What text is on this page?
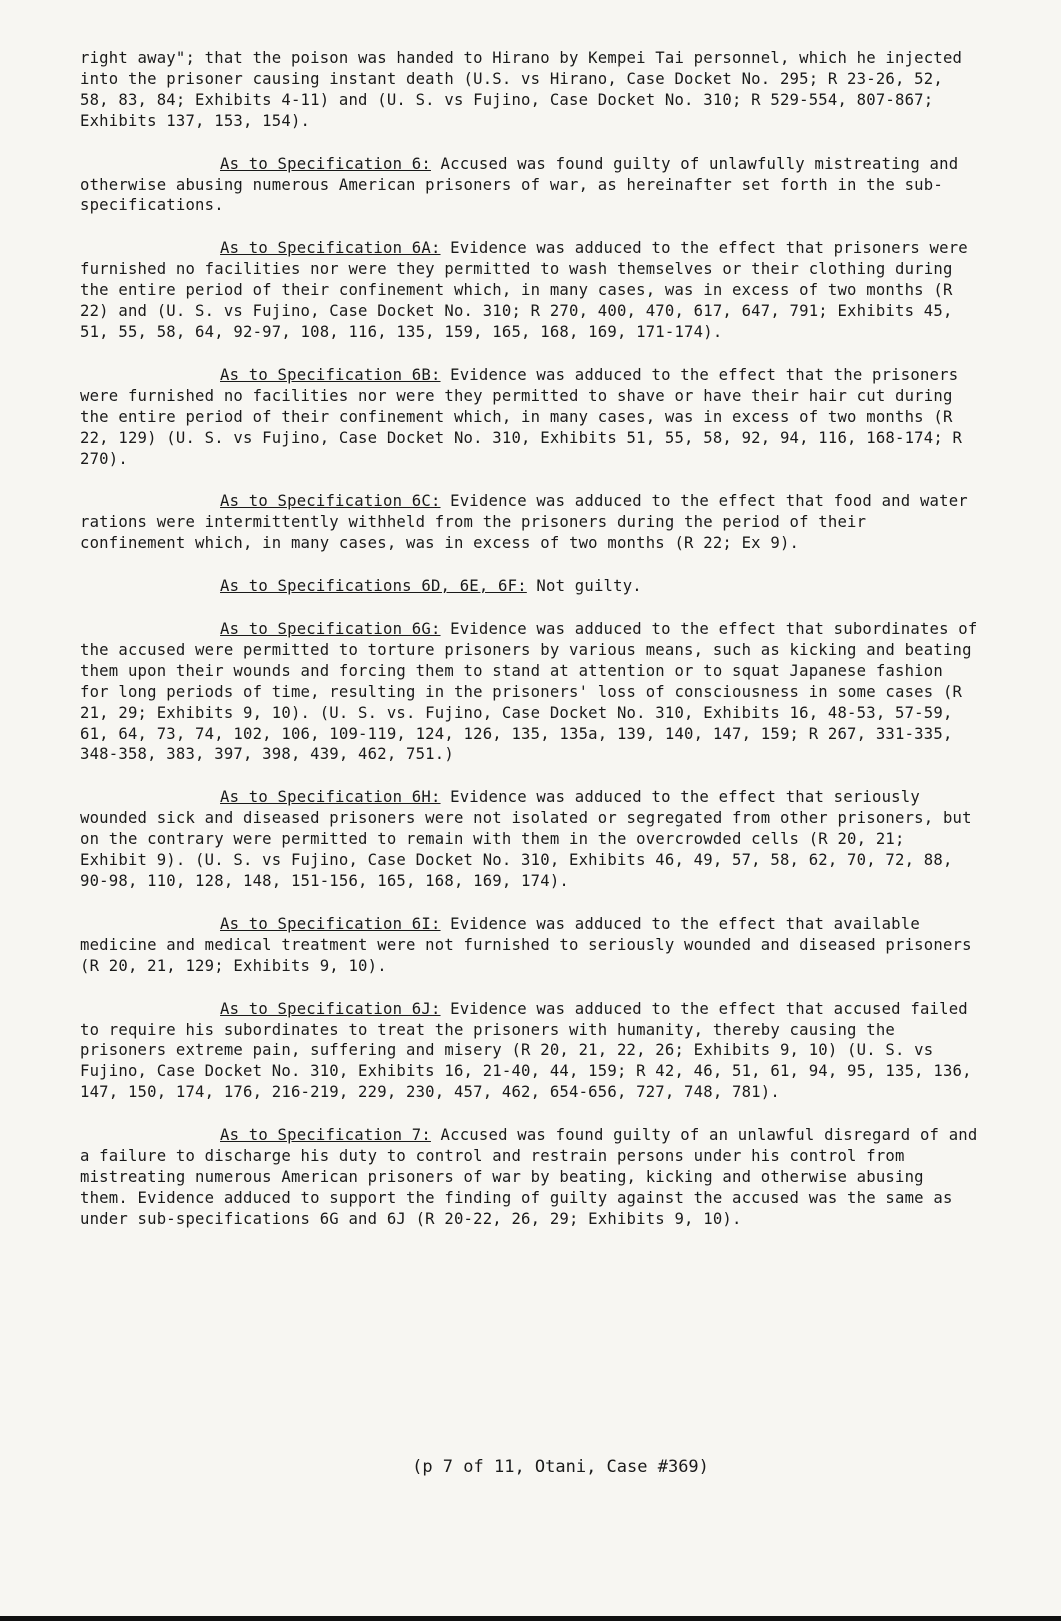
right away"; that the poison was handed to Hirano by Kempei Tai personnel, which he injected into the prisoner causing instant death (U.S. vs Hirano, Case Docket No. 295; R 23-26, 52, 58, 83, 84; Exhibits 4-11) and (U. S. vs Fujino, Case Docket No. 310; R 529-554, 807-867; Exhibits 137, 153, 154).

As to Specification 6: Accused was found guilty of unlawfully mistreating and otherwise abusing numerous American prisoners of war, as hereinafter set forth in the sub-specifications.

As to Specification 6A: Evidence was adduced to the effect that prisoners were furnished no facilities nor were they permitted to wash themselves or their clothing during the entire period of their confinement which, in many cases, was in excess of two months (R 22) and (U. S. vs Fujino, Case Docket No. 310; R 270, 400, 470, 617, 647, 791; Exhibits 45, 51, 55, 58, 64, 92-97, 108, 116, 135, 159, 165, 168, 169, 171-174).

As to Specification 6B: Evidence was adduced to the effect that the prisoners were furnished no facilities nor were they permitted to shave or have their hair cut during the entire period of their confinement which, in many cases, was in excess of two months (R 22, 129) (U. S. vs Fujino, Case Docket No. 310, Exhibits 51, 55, 58, 92, 94, 116, 168-174; R 270).

As to Specification 6C: Evidence was adduced to the effect that food and water rations were intermittently withheld from the prisoners during the period of their confinement which, in many cases, was in excess of two months (R 22; Ex 9).

As to Specifications 6D, 6E, 6F: Not guilty.

As to Specification 6G: Evidence was adduced to the effect that subordinates of the accused were permitted to torture prisoners by various means, such as kicking and beating them upon their wounds and forcing them to stand at attention or to squat Japanese fashion for long periods of time, resulting in the prisoners' loss of consciousness in some cases (R 21, 29; Exhibits 9, 10). (U. S. vs. Fujino, Case Docket No. 310, Exhibits 16, 48-53, 57-59, 61, 64, 73, 74, 102, 106, 109-119, 124, 126, 135, 135a, 139, 140, 147, 159; R 267, 331-335, 348-358, 383, 397, 398, 439, 462, 751.)

As to Specification 6H: Evidence was adduced to the effect that seriously wounded sick and diseased prisoners were not isolated or segregated from other prisoners, but on the contrary were permitted to remain with them in the overcrowded cells (R 20, 21; Exhibit 9). (U. S. vs Fujino, Case Docket No. 310, Exhibits 46, 49, 57, 58, 62, 70, 72, 88, 90-98, 110, 128, 148, 151-156, 165, 168, 169, 174).

As to Specification 6I: Evidence was adduced to the effect that available medicine and medical treatment were not furnished to seriously wounded and diseased prisoners (R 20, 21, 129; Exhibits 9, 10).

As to Specification 6J: Evidence was adduced to the effect that accused failed to require his subordinates to treat the prisoners with humanity, thereby causing the prisoners extreme pain, suffering and misery (R 20, 21, 22, 26; Exhibits 9, 10) (U. S. vs Fujino, Case Docket No. 310, Exhibits 16, 21-40, 44, 159; R 42, 46, 51, 61, 94, 95, 135, 136, 147, 150, 174, 176, 216-219, 229, 230, 457, 462, 654-656, 727, 748, 781).

As to Specification 7: Accused was found guilty of an unlawful disregard of and a failure to discharge his duty to control and restrain persons under his control from mistreating numerous American prisoners of war by beating, kicking and otherwise abusing them. Evidence adduced to support the finding of guilty against the accused was the same as under sub-specifications 6G and 6J (R 20-22, 26, 29; Exhibits 9, 10).

(p 7 of 11, Otani, Case #369)
